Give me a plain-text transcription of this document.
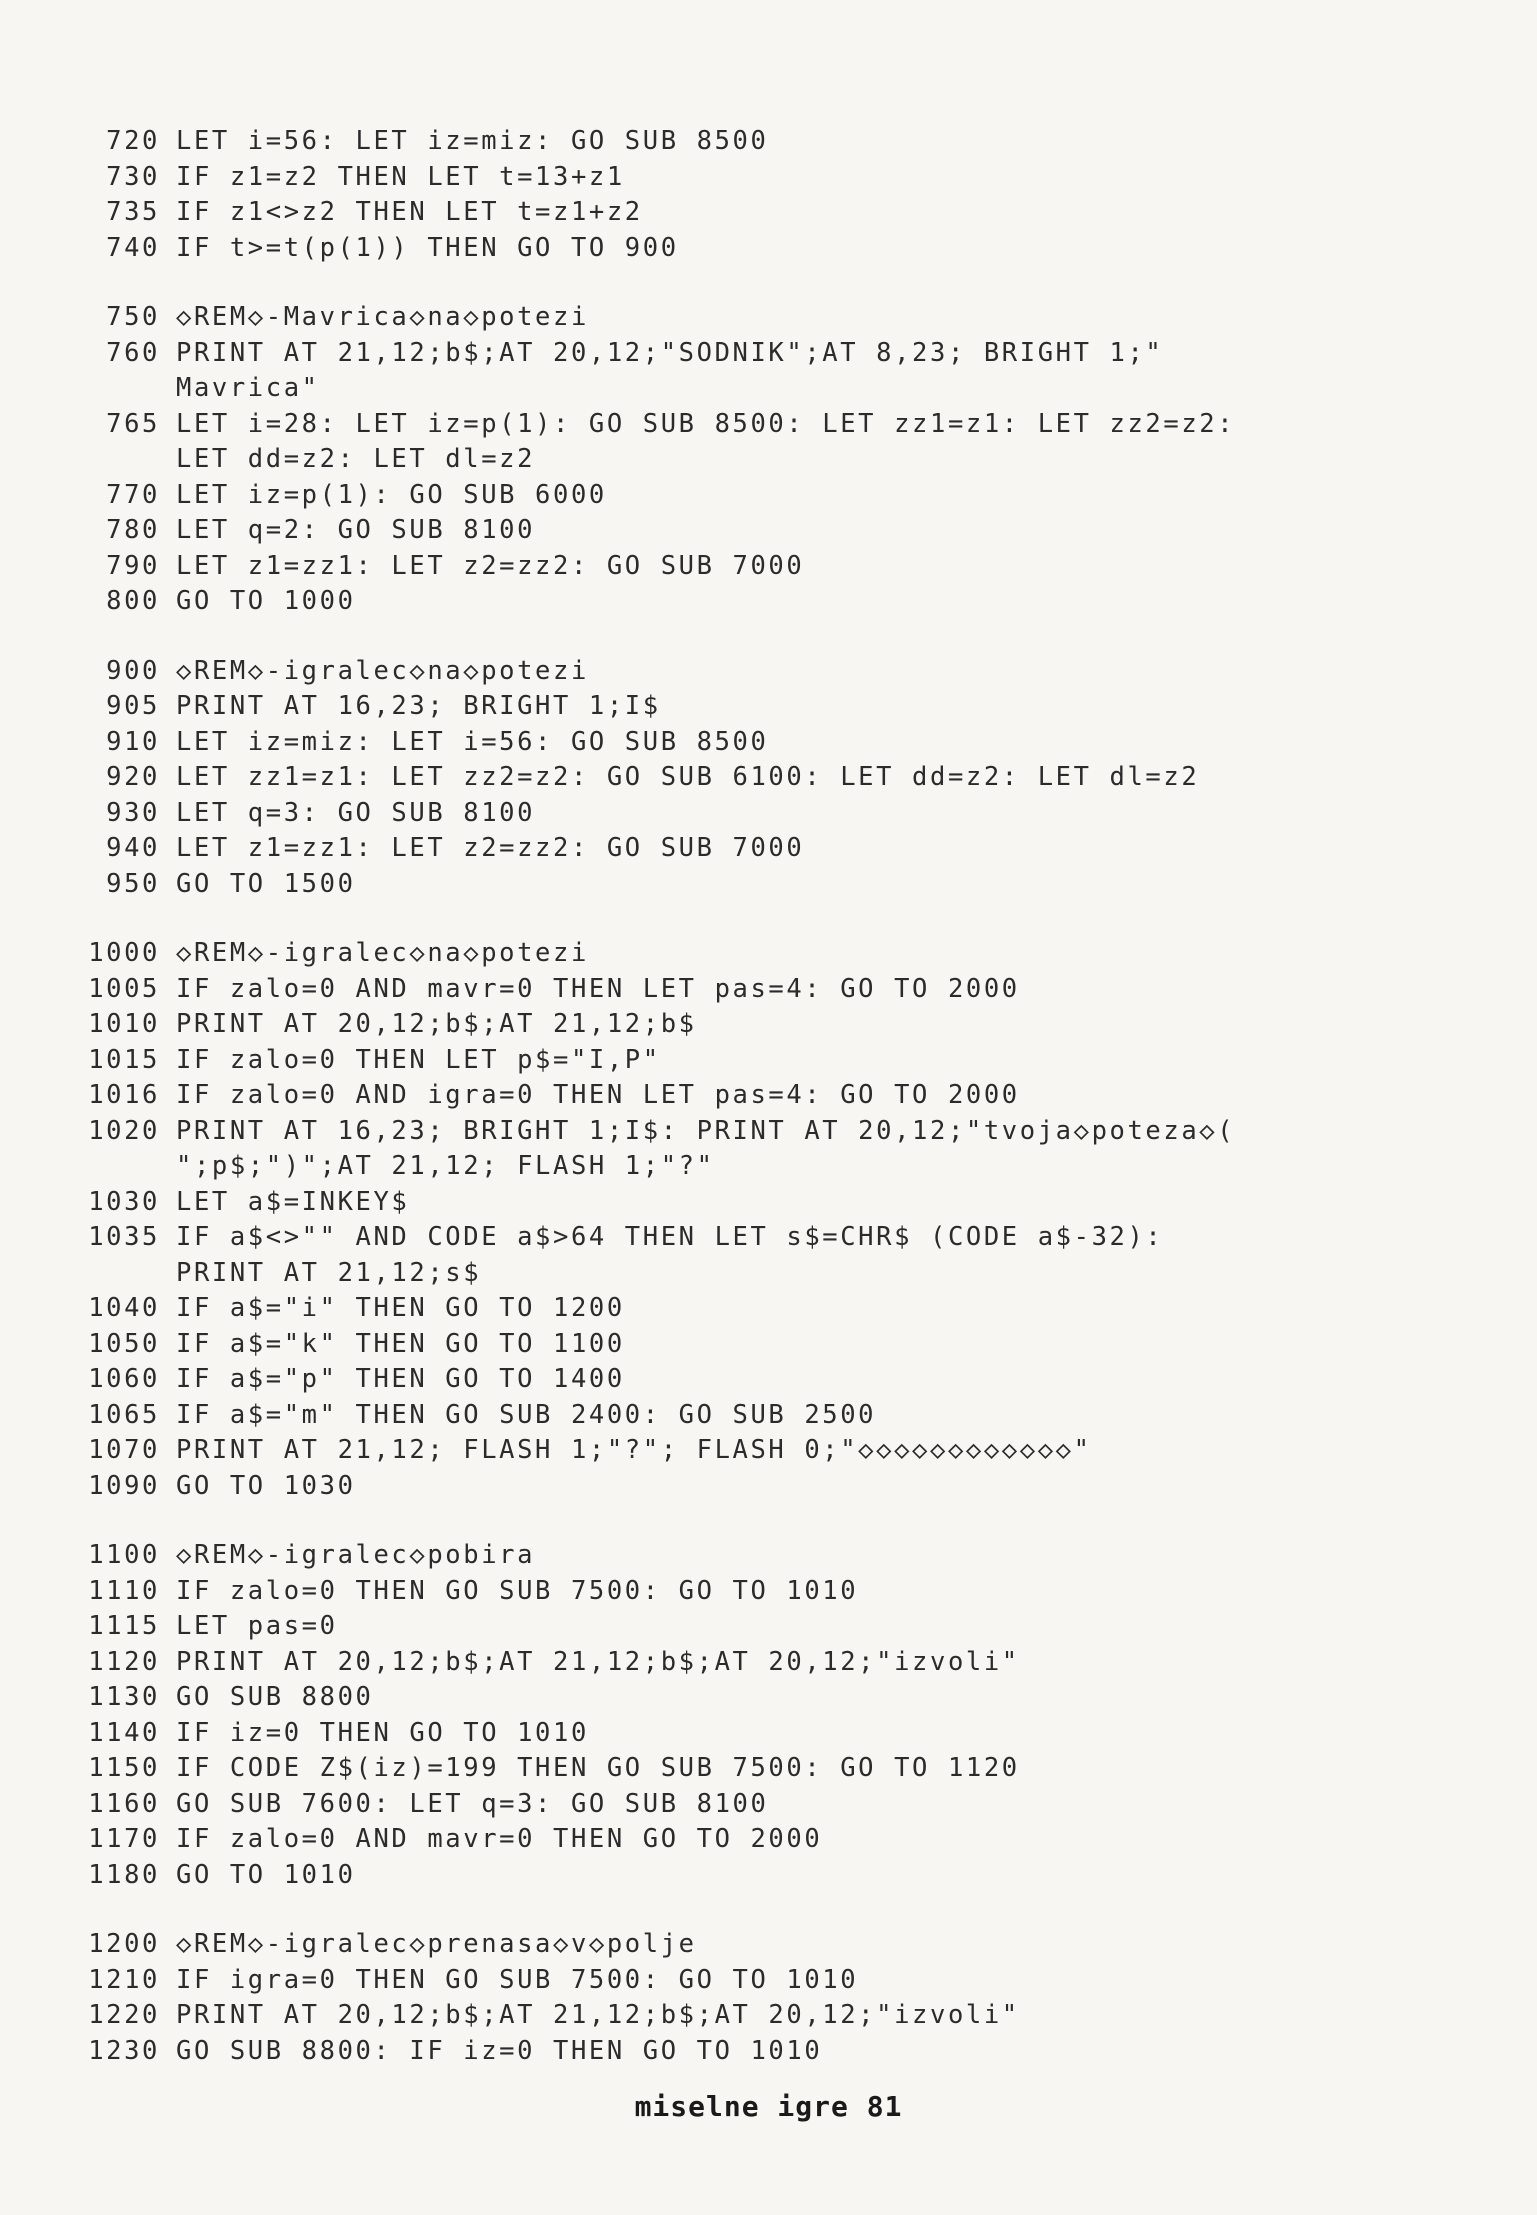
720 LET i=56: LET iz=miz: GO SUB 8500
730 IF z1=z2 THEN LET t=13+z1
735 IF z1<>z2 THEN LET t=z1+z2
740 IF t>=t(p(1)) THEN GO TO 900
750 ◇REM◇-Mavrica◇na◇potezi
760 PRINT AT 21,12;b$;AT 20,12;"SODNIK";AT 8,23; BRIGHT 1;"
Mavrica"
765 LET i=28: LET iz=p(1): GO SUB 8500: LET zz1=z1: LET zz2=z2:
LET dd=z2: LET dl=z2
770 LET iz=p(1): GO SUB 6000
780 LET q=2: GO SUB 8100
790 LET z1=zz1: LET z2=zz2: GO SUB 7000
800 GO TO 1000
900 ◇REM◇-igralec◇na◇potezi
905 PRINT AT 16,23; BRIGHT 1;I$
910 LET iz=miz: LET i=56: GO SUB 8500
920 LET zz1=z1: LET zz2=z2: GO SUB 6100: LET dd=z2: LET dl=z2
930 LET q=3: GO SUB 8100
940 LET z1=zz1: LET z2=zz2: GO SUB 7000
950 GO TO 1500
1000 ◇REM◇-igralec◇na◇potezi
1005 IF zalo=0 AND mavr=0 THEN LET pas=4: GO TO 2000
1010 PRINT AT 20,12;b$;AT 21,12;b$
1015 IF zalo=0 THEN LET p$="I,P"
1016 IF zalo=0 AND igra=0 THEN LET pas=4: GO TO 2000
1020 PRINT AT 16,23; BRIGHT 1;I$: PRINT AT 20,12;"tvoja◇poteza◇(
";p$;")";AT 21,12; FLASH 1;"?"
1030 LET a$=INKEY$
1035 IF a$<>"" AND CODE a$>64 THEN LET s$=CHR$ (CODE a$-32):
PRINT AT 21,12;s$
1040 IF a$="i" THEN GO TO 1200
1050 IF a$="k" THEN GO TO 1100
1060 IF a$="p" THEN GO TO 1400
1065 IF a$="m" THEN GO SUB 2400: GO SUB 2500
1070 PRINT AT 21,12; FLASH 1;"?"; FLASH 0;"◇◇◇◇◇◇◇◇◇◇◇◇"
1090 GO TO 1030
1100 ◇REM◇-igralec◇pobira
1110 IF zalo=0 THEN GO SUB 7500: GO TO 1010
1115 LET pas=0
1120 PRINT AT 20,12;b$;AT 21,12;b$;AT 20,12;"izvoli"
1130 GO SUB 8800
1140 IF iz=0 THEN GO TO 1010
1150 IF CODE Z$(iz)=199 THEN GO SUB 7500: GO TO 1120
1160 GO SUB 7600: LET q=3: GO SUB 8100
1170 IF zalo=0 AND mavr=0 THEN GO TO 2000
1180 GO TO 1010
1200 ◇REM◇-igralec◇prenasa◇v◇polje
1210 IF igra=0 THEN GO SUB 7500: GO TO 1010
1220 PRINT AT 20,12;b$;AT 21,12;b$;AT 20,12;"izvoli"
1230 GO SUB 8800: IF iz=0 THEN GO TO 1010
miselne igre 81
